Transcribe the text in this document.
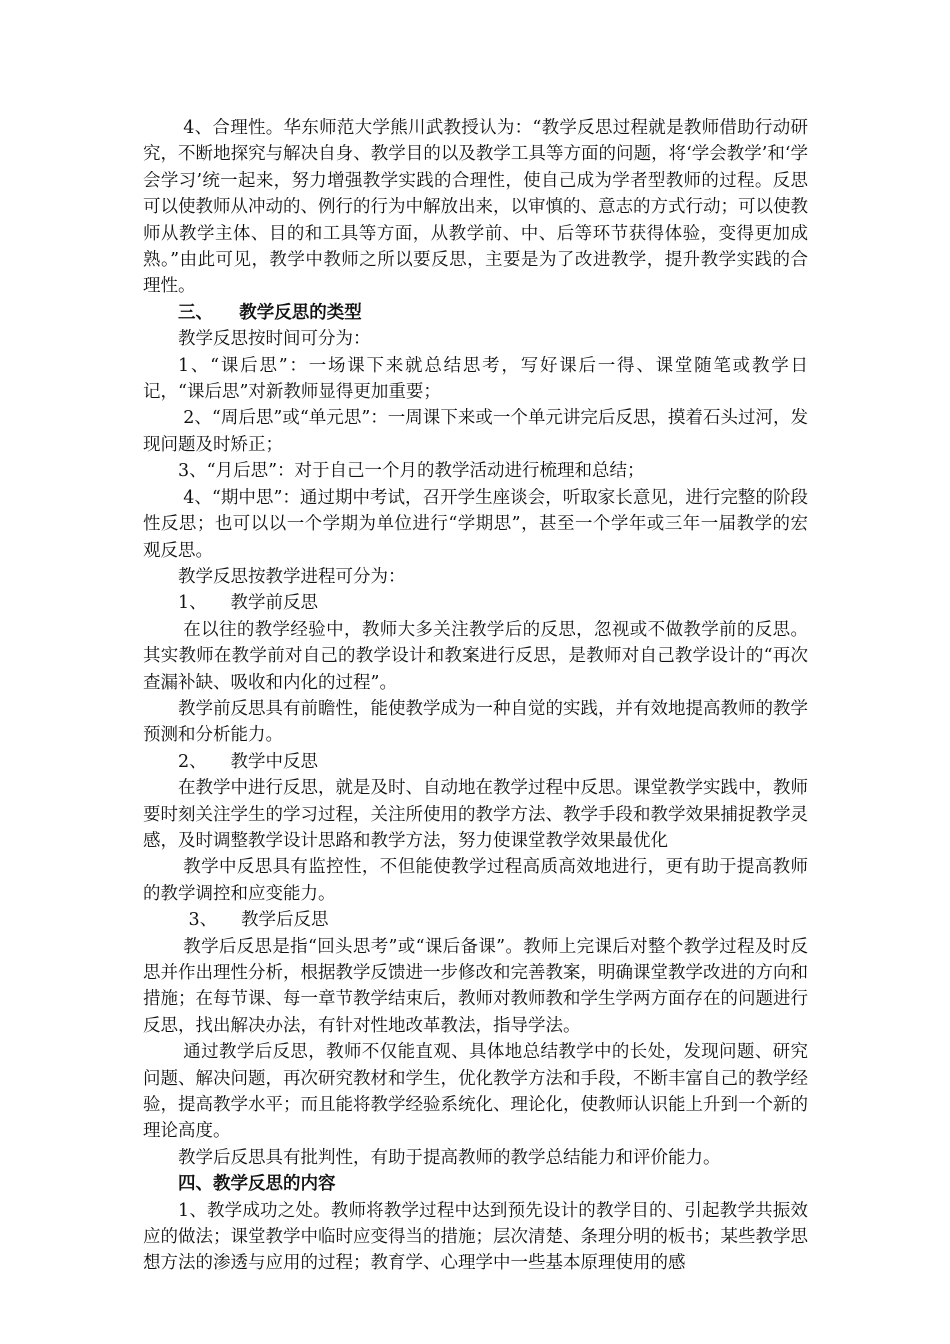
4、合理性。华东师范大学熊川武教授认为：“教学反思过程就是教师借助行动研究，不断地探究与解决自身、教学目的以及教学工具等方面的问题，将‘学会教学’和‘学会学习’统一起来，努力增强教学实践的合理性，使自己成为学者型教师的过程。反思可以使教师从冲动的、例行的行为中解放出来，以审慎的、意志的方式行动；可以使教师从教学主体、目的和工具等方面，从教学前、中、后等环节获得体验，变得更加成熟。”由此可见，教学中教师之所以要反思，主要是为了改进教学，提升教学实践的合理性。

三、 教学反思的类型

教学反思按时间可分为：

1、“课后思”：一场课下来就总结思考，写好课后一得、课堂随笔或教学日记，“课后思”对新教师显得更加重要；

2、“周后思”或“单元思”：一周课下来或一个单元讲完后反思，摸着石头过河，发现问题及时矫正；

3、“月后思”：对于自己一个月的教学活动进行梳理和总结；

4、“期中思”：通过期中考试，召开学生座谈会，听取家长意见，进行完整的阶段性反思；也可以以一个学期为单位进行“学期思”，甚至一个学年或三年一届教学的宏观反思。

教学反思按教学进程可分为：

1、 教学前反思

在以往的教学经验中，教师大多关注教学后的反思，忽视或不做教学前的反思。其实教师在教学前对自己的教学设计和教案进行反思，是教师对自己教学设计的“再次查漏补缺、吸收和内化的过程”。

教学前反思具有前瞻性，能使教学成为一种自觉的实践，并有效地提高教师的教学预测和分析能力。

2、 教学中反思

在教学中进行反思，就是及时、自动地在教学过程中反思。课堂教学实践中，教师要时刻关注学生的学习过程，关注所使用的教学方法、教学手段和教学效果捕捉教学灵感，及时调整教学设计思路和教学方法，努力使课堂教学效果最优化

教学中反思具有监控性，不但能使教学过程高质高效地进行，更有助于提高教师的教学调控和应变能力。

3、 教学后反思

教学后反思是指“回头思考”或“课后备课”。教师上完课后对整个教学过程及时反思并作出理性分析，根据教学反馈进一步修改和完善教案，明确课堂教学改进的方向和措施；在每节课、每一章节教学结束后，教师对教师教和学生学两方面存在的问题进行反思，找出解决办法，有针对性地改革教法，指导学法。

通过教学后反思，教师不仅能直观、具体地总结教学中的长处，发现问题、研究问题、解决问题，再次研究教材和学生，优化教学方法和手段，不断丰富自己的教学经验，提高教学水平；而且能将教学经验系统化、理论化，使教师认识能上升到一个新的理论高度。

教学后反思具有批判性，有助于提高教师的教学总结能力和评价能力。

四、教学反思的内容

1、教学成功之处。教师将教学过程中达到预先设计的教学目的、引起教学共振效应的做法；课堂教学中临时应变得当的措施；层次清楚、条理分明的板书；某些教学思想方法的渗透与应用的过程；教育学、心理学中一些基本原理使用的感
